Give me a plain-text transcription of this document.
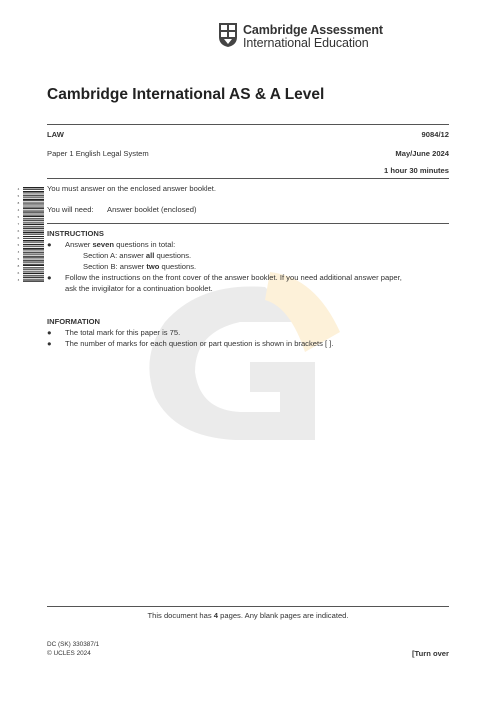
Cambridge Assessment
International Education
Cambridge International AS & A Level
LAW	9084/12
Paper 1 English Legal System	May/June 2024
1 hour 30 minutes
4
5
8
4
5
7
6
6
5
3
5
8
6
3
You must answer on the enclosed answer booklet.
You will need: Answer booklet (enclosed)
INSTRUCTIONS
● Answer seven questions in total:
Section A: answer all questions.
Section B: answer two questions.
● Follow the instructions on the front cover of the answer booklet. If you need additional answer paper,
ask the invigilator for a continuation booklet.
INFORMATION
● The total mark for this paper is 75.
● The number of marks for each question or part question is shown in brackets [ ].
This document has 4 pages. Any blank pages are indicated.
DC (SK) 330387/1
© UCLES 2024	[Turn over
